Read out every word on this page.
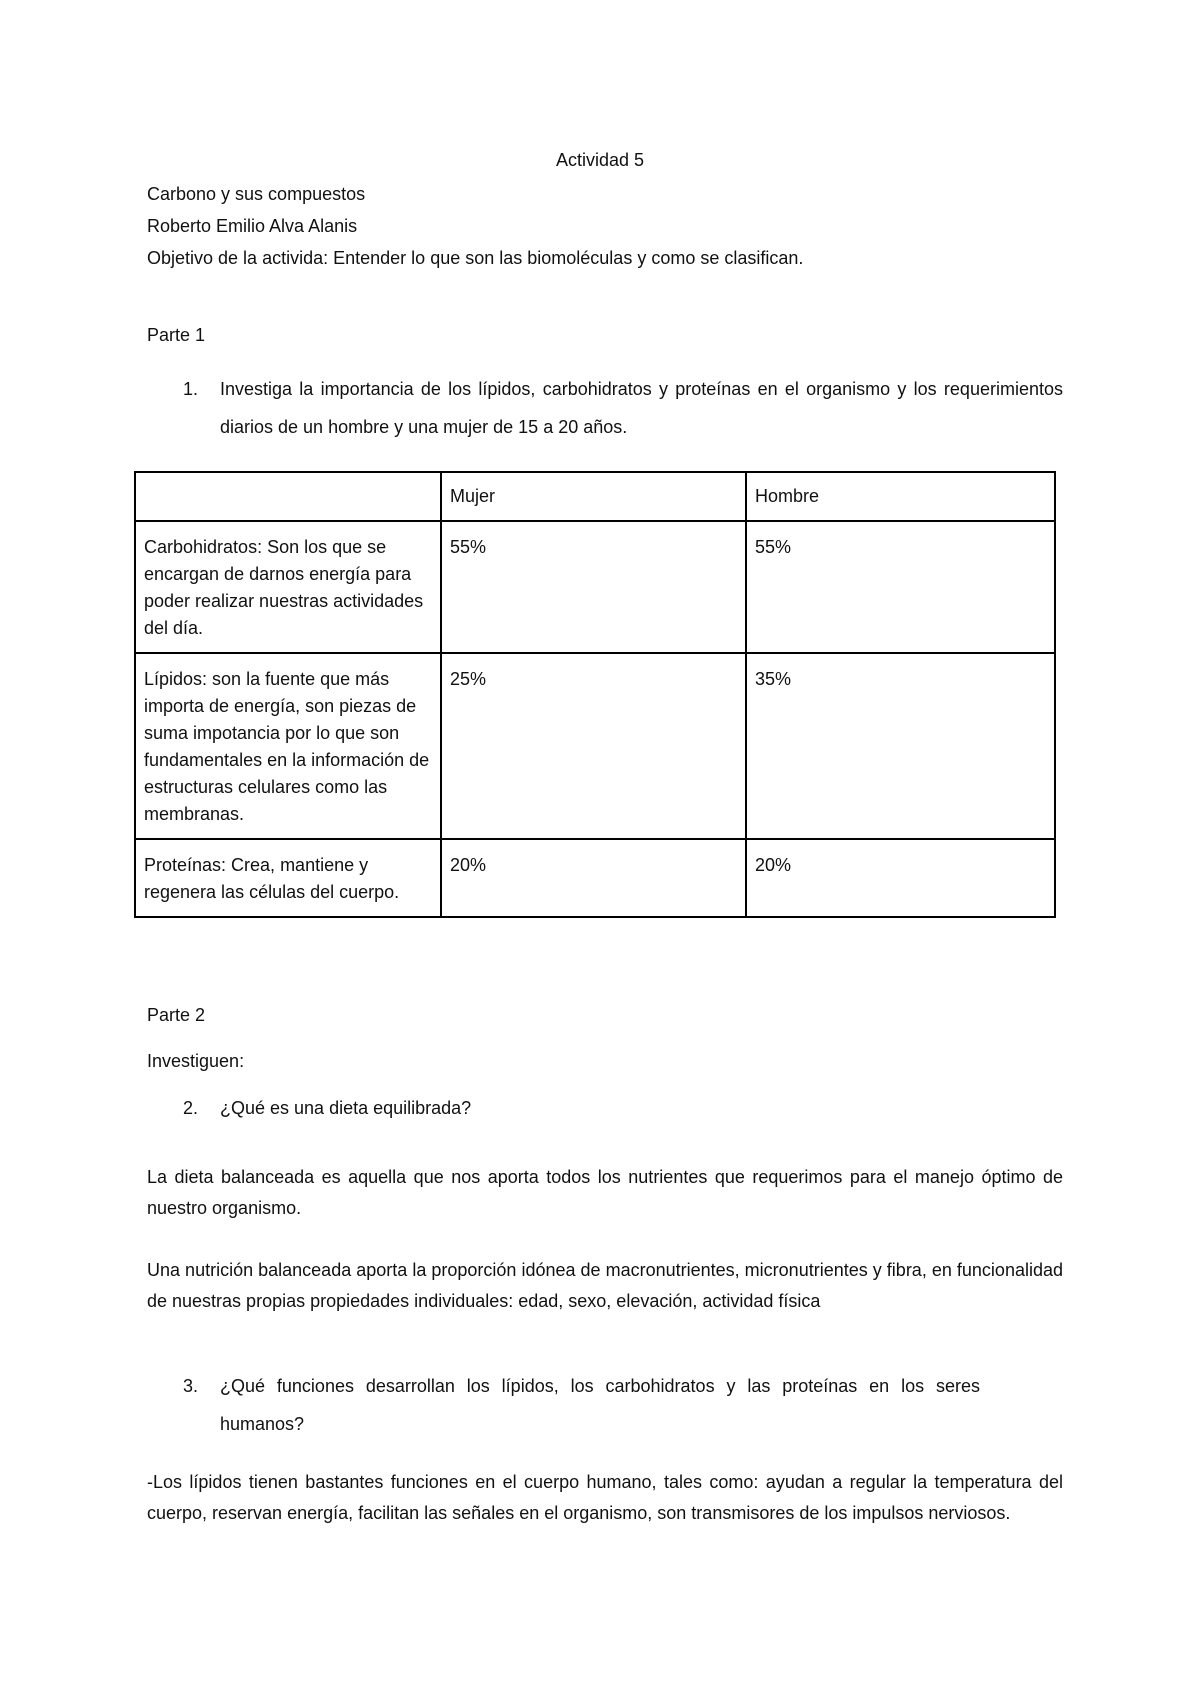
Actividad 5
Carbono y sus compuestos
Roberto Emilio Alva Alanis
Objetivo de la activida: Entender lo que son las biomoléculas y como se clasifican.
Parte 1
1.	Investiga la importancia de los lípidos, carbohidratos y proteínas en el organismo y los requerimientos diarios de un hombre y una mujer de 15 a 20 años.
	Mujer	Hombre
Carbohidratos: Son los que se encargan de darnos energía para poder realizar nuestras actividades del día.	55%	55%
Lípidos: son la fuente que más importa de energía, son piezas de suma impotancia por lo que son fundamentales en la información de estructuras celulares como las membranas.	25%	35%
Proteínas: Crea, mantiene y regenera las células del cuerpo.	20%	20%
Parte 2
Investiguen:
2.	¿Qué es una dieta equilibrada?
La dieta balanceada es aquella que nos aporta todos los nutrientes que requerimos para el manejo óptimo de nuestro organismo.
Una nutrición balanceada aporta la proporción idónea de macronutrientes, micronutrientes y fibra, en funcionalidad de nuestras propias propiedades individuales: edad, sexo, elevación, actividad física
3.	¿Qué funciones desarrollan los lípidos, los carbohidratos y las proteínas en los seres humanos?
-Los lípidos tienen bastantes funciones en el cuerpo humano, tales como: ayudan a regular la temperatura del cuerpo, reservan energía, facilitan las señales en el organismo, son transmisores de los impulsos nerviosos.
